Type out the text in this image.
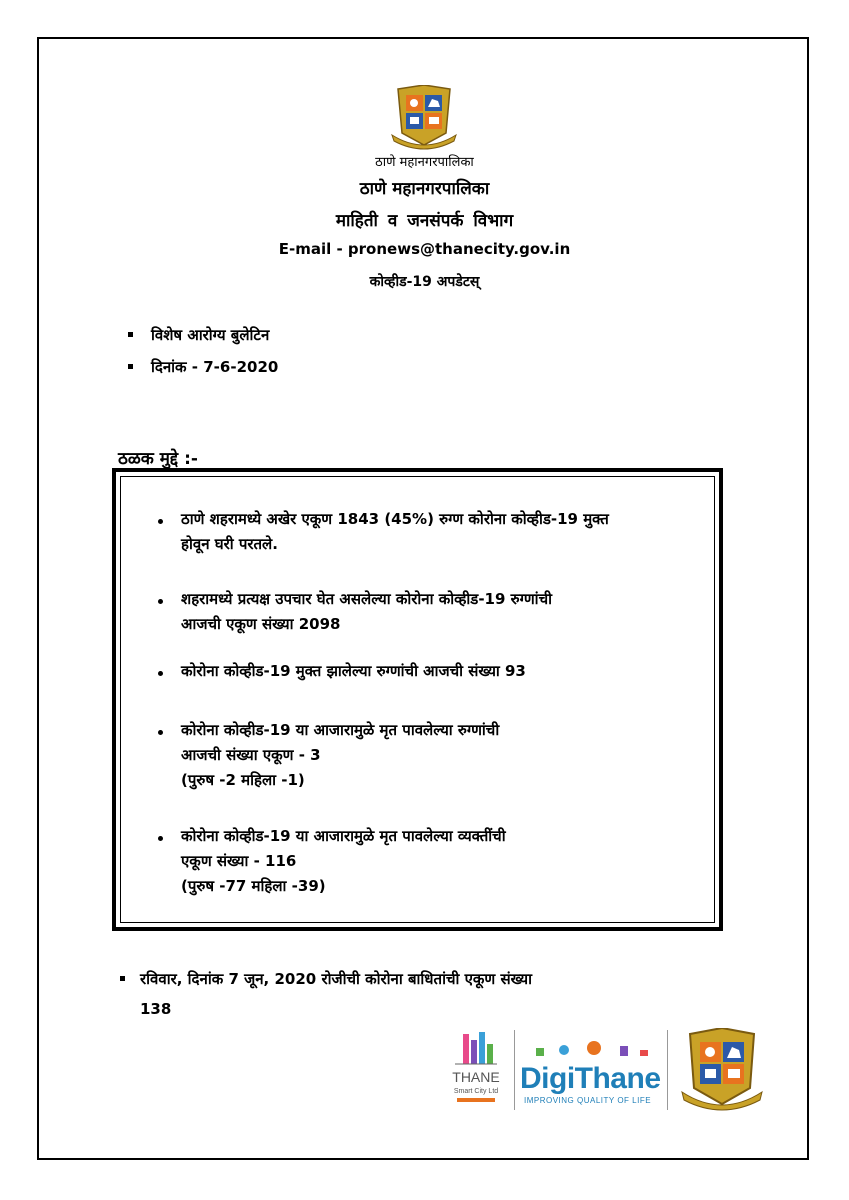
ठाणे महानगरपालिका
ठाणे महानगरपालिका
माहिती व जनसंपर्क विभाग
E-mail - pronews@thanecity.gov.in
कोव्हीड-19 अपडेटस्
विशेष आरोग्य बुलेटिन
दिनांक - 7-6-2020
ठळक मुद्दे :-
ठाणे शहरामध्ये अखेर एकूण 1843 (45%) रुग्ण कोरोना कोव्हीड-19 मुक्त
होवून घरी परतले.
शहरामध्ये प्रत्यक्ष उपचार घेत असलेल्या कोरोना कोव्हीड-19 रुग्णांची
आजची एकूण संख्या 2098
कोरोना कोव्हीड-19 मुक्त झालेल्या रुग्णांची आजची संख्या 93
कोरोना कोव्हीड-19 या आजारामुळे मृत पावलेल्या रुग्णांची
आजची संख्या एकूण - 3
(पुरुष -2 महिला -1)
कोरोना कोव्हीड-19 या आजारामुळे मृत पावलेल्या व्यक्तींची
एकूण संख्या - 116
(पुरुष -77 महिला -39)
रविवार, दिनांक 7 जून, 2020 रोजीची कोरोना बाधितांची एकूण संख्या
138
THANE
Smart City Ltd DigiThane
IMPROVING QUALITY OF LIFE
